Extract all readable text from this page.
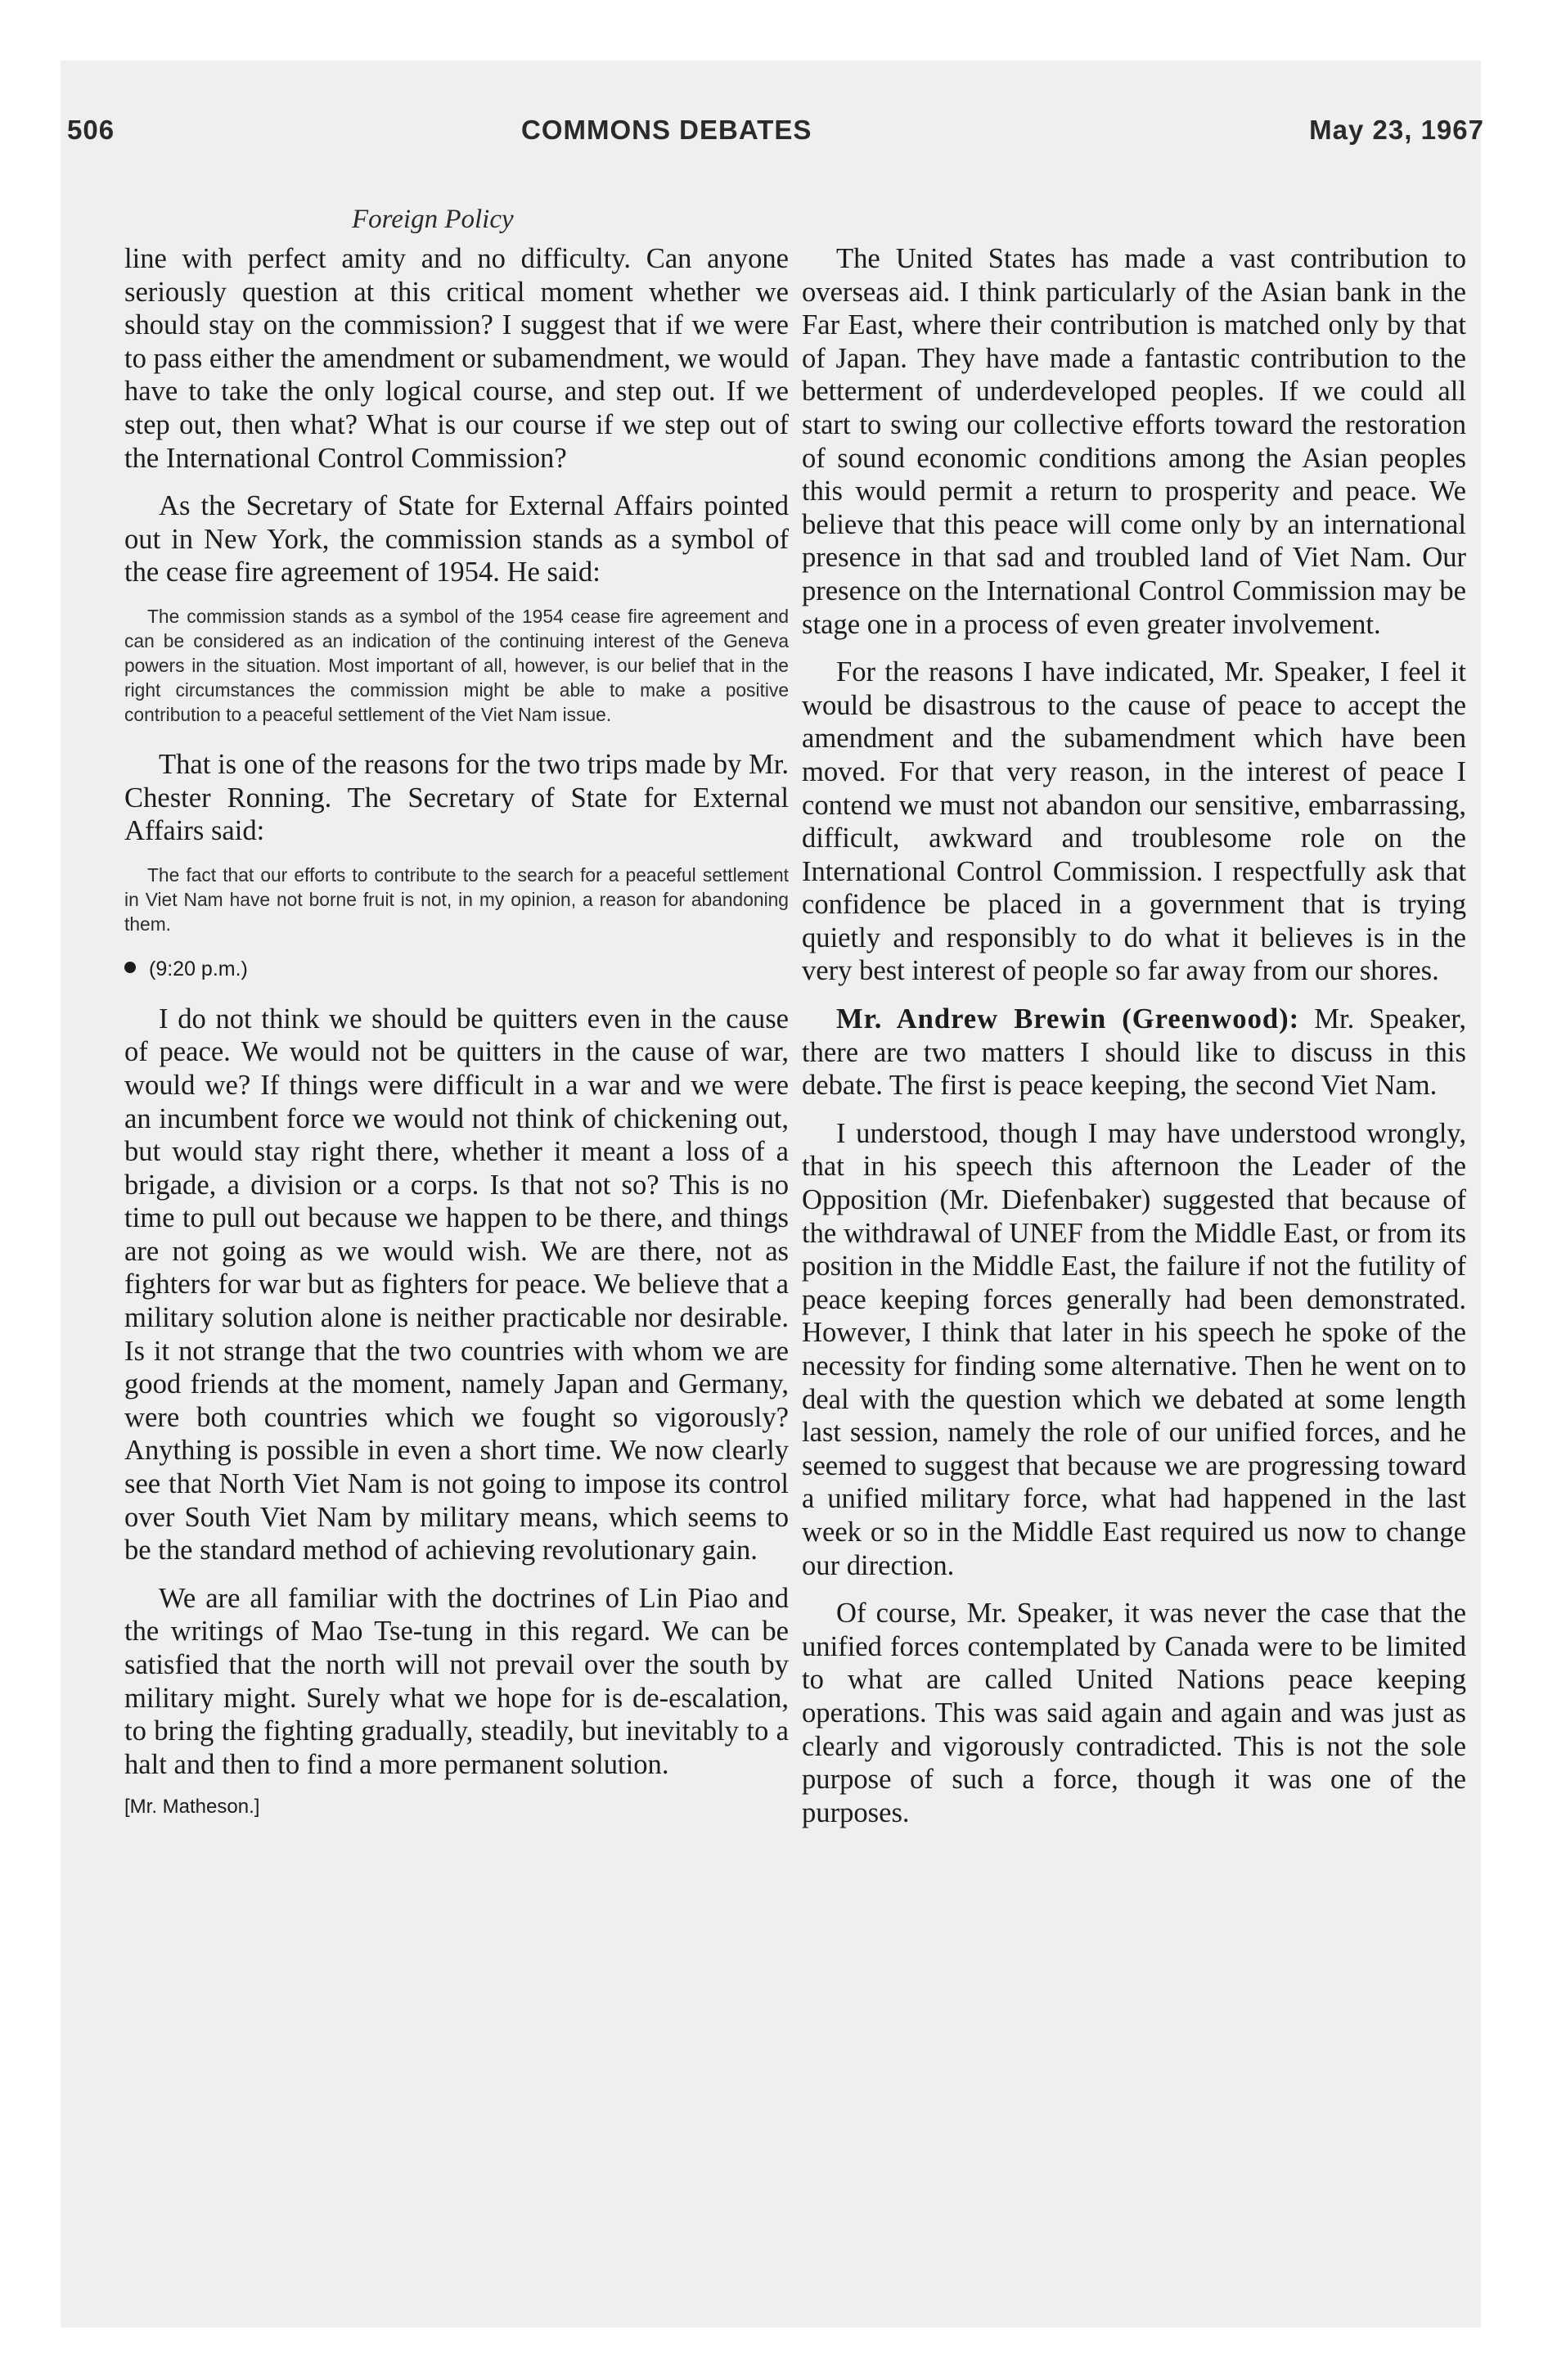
506	COMMONS DEBATES	May 23, 1967
Foreign Policy

line with perfect amity and no difficulty. Can anyone seriously question at this critical moment whether we should stay on the commission? I suggest that if we were to pass either the amendment or subamendment, we would have to take the only logical course, and step out. If we step out, then what? What is our course if we step out of the International Control Commission?

As the Secretary of State for External Affairs pointed out in New York, the commission stands as a symbol of the cease fire agreement of 1954. He said:

The commission stands as a symbol of the 1954 cease fire agreement and can be considered as an indication of the continuing interest of the Geneva powers in the situation. Most important of all, however, is our belief that in the right circumstances the commission might be able to make a positive contribution to a peaceful settlement of the Viet Nam issue.

That is one of the reasons for the two trips made by Mr. Chester Ronning. The Secretary of State for External Affairs said:

The fact that our efforts to contribute to the search for a peaceful settlement in Viet Nam have not borne fruit is not, in my opinion, a reason for abandoning them.

(9:20 p.m.)

I do not think we should be quitters even in the cause of peace. We would not be quitters in the cause of war, would we? If things were difficult in a war and we were an incumbent force we would not think of chickening out, but would stay right there, whether it meant a loss of a brigade, a division or a corps. Is that not so? This is no time to pull out because we happen to be there, and things are not going as we would wish. We are there, not as fighters for war but as fighters for peace. We believe that a military solution alone is neither practicable nor desirable. Is it not strange that the two countries with whom we are good friends at the moment, namely Japan and Germany, were both countries which we fought so vigorously? Anything is possible in even a short time. We now clearly see that North Viet Nam is not going to impose its control over South Viet Nam by military means, which seems to be the standard method of achieving revolutionary gain.

We are all familiar with the doctrines of Lin Piao and the writings of Mao Tse-tung in this regard. We can be satisfied that the north will not prevail over the south by military might. Surely what we hope for is de-escalation, to bring the fighting gradually, steadily, but inevitably to a halt and then to find a more permanent solution.

[Mr. Matheson.]

The United States has made a vast contribution to overseas aid. I think particularly of the Asian bank in the Far East, where their contribution is matched only by that of Japan. They have made a fantastic contribution to the betterment of underdeveloped peoples. If we could all start to swing our collective efforts toward the restoration of sound economic conditions among the Asian peoples this would permit a return to prosperity and peace. We believe that this peace will come only by an international presence in that sad and troubled land of Viet Nam. Our presence on the International Control Commission may be stage one in a process of even greater involvement.

For the reasons I have indicated, Mr. Speaker, I feel it would be disastrous to the cause of peace to accept the amendment and the subamendment which have been moved. For that very reason, in the interest of peace I contend we must not abandon our sensitive, embarrassing, difficult, awkward and troublesome role on the International Control Commission. I respectfully ask that confidence be placed in a government that is trying quietly and responsibly to do what it believes is in the very best interest of people so far away from our shores.

Mr. Andrew Brewin (Greenwood): Mr. Speaker, there are two matters I should like to discuss in this debate. The first is peace keeping, the second Viet Nam.

I understood, though I may have understood wrongly, that in his speech this afternoon the Leader of the Opposition (Mr. Diefenbaker) suggested that because of the withdrawal of UNEF from the Middle East, or from its position in the Middle East, the failure if not the futility of peace keeping forces generally had been demonstrated. However, I think that later in his speech he spoke of the necessity for finding some alternative. Then he went on to deal with the question which we debated at some length last session, namely the role of our unified forces, and he seemed to suggest that because we are progressing toward a unified military force, what had happened in the last week or so in the Middle East required us now to change our direction.

Of course, Mr. Speaker, it was never the case that the unified forces contemplated by Canada were to be limited to what are called United Nations peace keeping operations. This was said again and again and was just as clearly and vigorously contradicted. This is not the sole purpose of such a force, though it was one of the purposes.
